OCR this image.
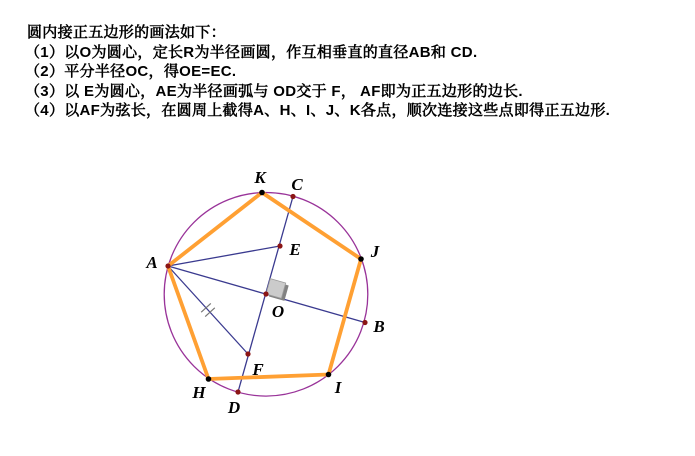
圆内接正五边形的画法如下：
（1）以O为圆心，定长R为半径画圆，作互相垂直的直径AB和 CD.
（2）平分半径OC，得OE=EC.
（3）以 E为圆心，AE为半径画弧与 OD交于 F， AF即为正五边形的边长.
（4）以AF为弦长，在圆周上截得A、H、I、J、K各点，顺次连接这些点即得正五边形.
A
B
C
D
E
F
O
K
J
I
H
